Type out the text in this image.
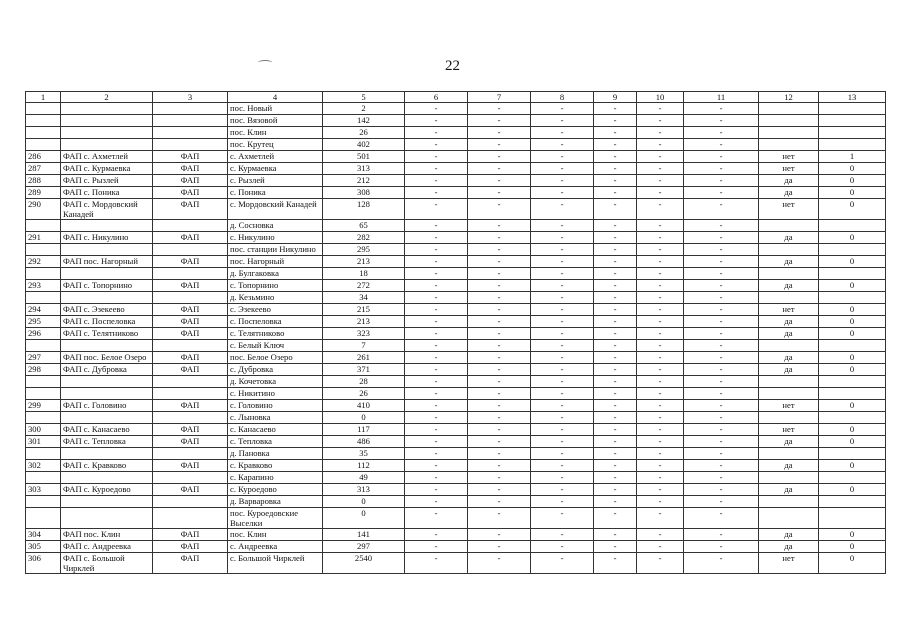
22
1	2	3	4	5	6	7	8	9	10	11	12	13
			пос. Новый	2	-	-	-	-	-	-		
			пос. Вязовой	142	-	-	-	-	-	-		
			пос. Клин	26	-	-	-	-	-	-		
			пос. Крутец	402	-	-	-	-	-	-		
286	ФАП с. Ахметлей	ФАП	с. Ахметлей	501	-	-	-	-	-	-	нет	1
287	ФАП с. Курмаевка	ФАП	с. Курмаевка	313	-	-	-	-	-	-	нет	0
288	ФАП с. Рызлей	ФАП	с. Рызлей	212	-	-	-	-	-	-	да	0
289	ФАП с. Поника	ФАП	с. Поника	308	-	-	-	-	-	-	да	0
290	ФАП с. Мордовский Канадей	ФАП	с. Мордовский Канадей	128	-	-	-	-	-	-	нет	0
			д. Сосновка	65	-	-	-	-	-	-		
291	ФАП с. Никулино	ФАП	с. Никулино	282	-	-	-	-	-	-	да	0
			пос. станции Никулино	295	-	-	-	-	-	-		
292	ФАП пос. Нагорный	ФАП	пос. Нагорный	213	-	-	-	-	-	-	да	0
			д. Булгаковка	18	-	-	-	-	-	-		
293	ФАП с. Топорнино	ФАП	с. Топорнино	272	-	-	-	-	-	-	да	0
			д. Кезьмино	34	-	-	-	-	-	-		
294	ФАП с. Эзекеево	ФАП	с. Эзекеево	215	-	-	-	-	-	-	нет	0
295	ФАП с. Поспеловка	ФАП	с. Поспеловка	213	-	-	-	-	-	-	да	0
296	ФАП с. Телятниково	ФАП	с. Телятниково	323	-	-	-	-	-	-	да	0
			с. Белый Ключ	7	-	-	-	-	-	-		
297	ФАП пос. Белое Озеро	ФАП	пос. Белое Озеро	261	-	-	-	-	-	-	да	0
298	ФАП с. Дубровка	ФАП	с. Дубровка	371	-	-	-	-	-	-	да	0
			д. Кочетовка	28	-	-	-	-	-	-		
			с. Никитино	26	-	-	-	-	-	-		
299	ФАП с. Головино	ФАП	с. Головино	410	-	-	-	-	-	-	нет	0
			с. Лыновка	0	-	-	-	-	-	-		
300	ФАП с. Канасаево	ФАП	с. Канасаево	117	-	-	-	-	-	-	нет	0
301	ФАП с. Тепловка	ФАП	с. Тепловка	486	-	-	-	-	-	-	да	0
			д. Пановка	35	-	-	-	-	-	-		
302	ФАП с. Кравково	ФАП	с. Кравково	112	-	-	-	-	-	-	да	0
			с. Карапино	49	-	-	-	-	-	-		
303	ФАП с. Куроедово	ФАП	с. Куроедово	313	-	-	-	-	-	-	да	0
			д. Варваровка	0	-	-	-	-	-	-		
			пос. Куроедовские Выселки	0	-	-	-	-	-	-		
304	ФАП пос. Клин	ФАП	пос. Клин	141	-	-	-	-	-	-	да	0
305	ФАП с. Андреевка	ФАП	с. Андреевка	297	-	-	-	-	-	-	да	0
306	ФАП с. Большой Чирклей	ФАП	с. Большой Чирклей	2540	-	-	-	-	-	-	нет	0
